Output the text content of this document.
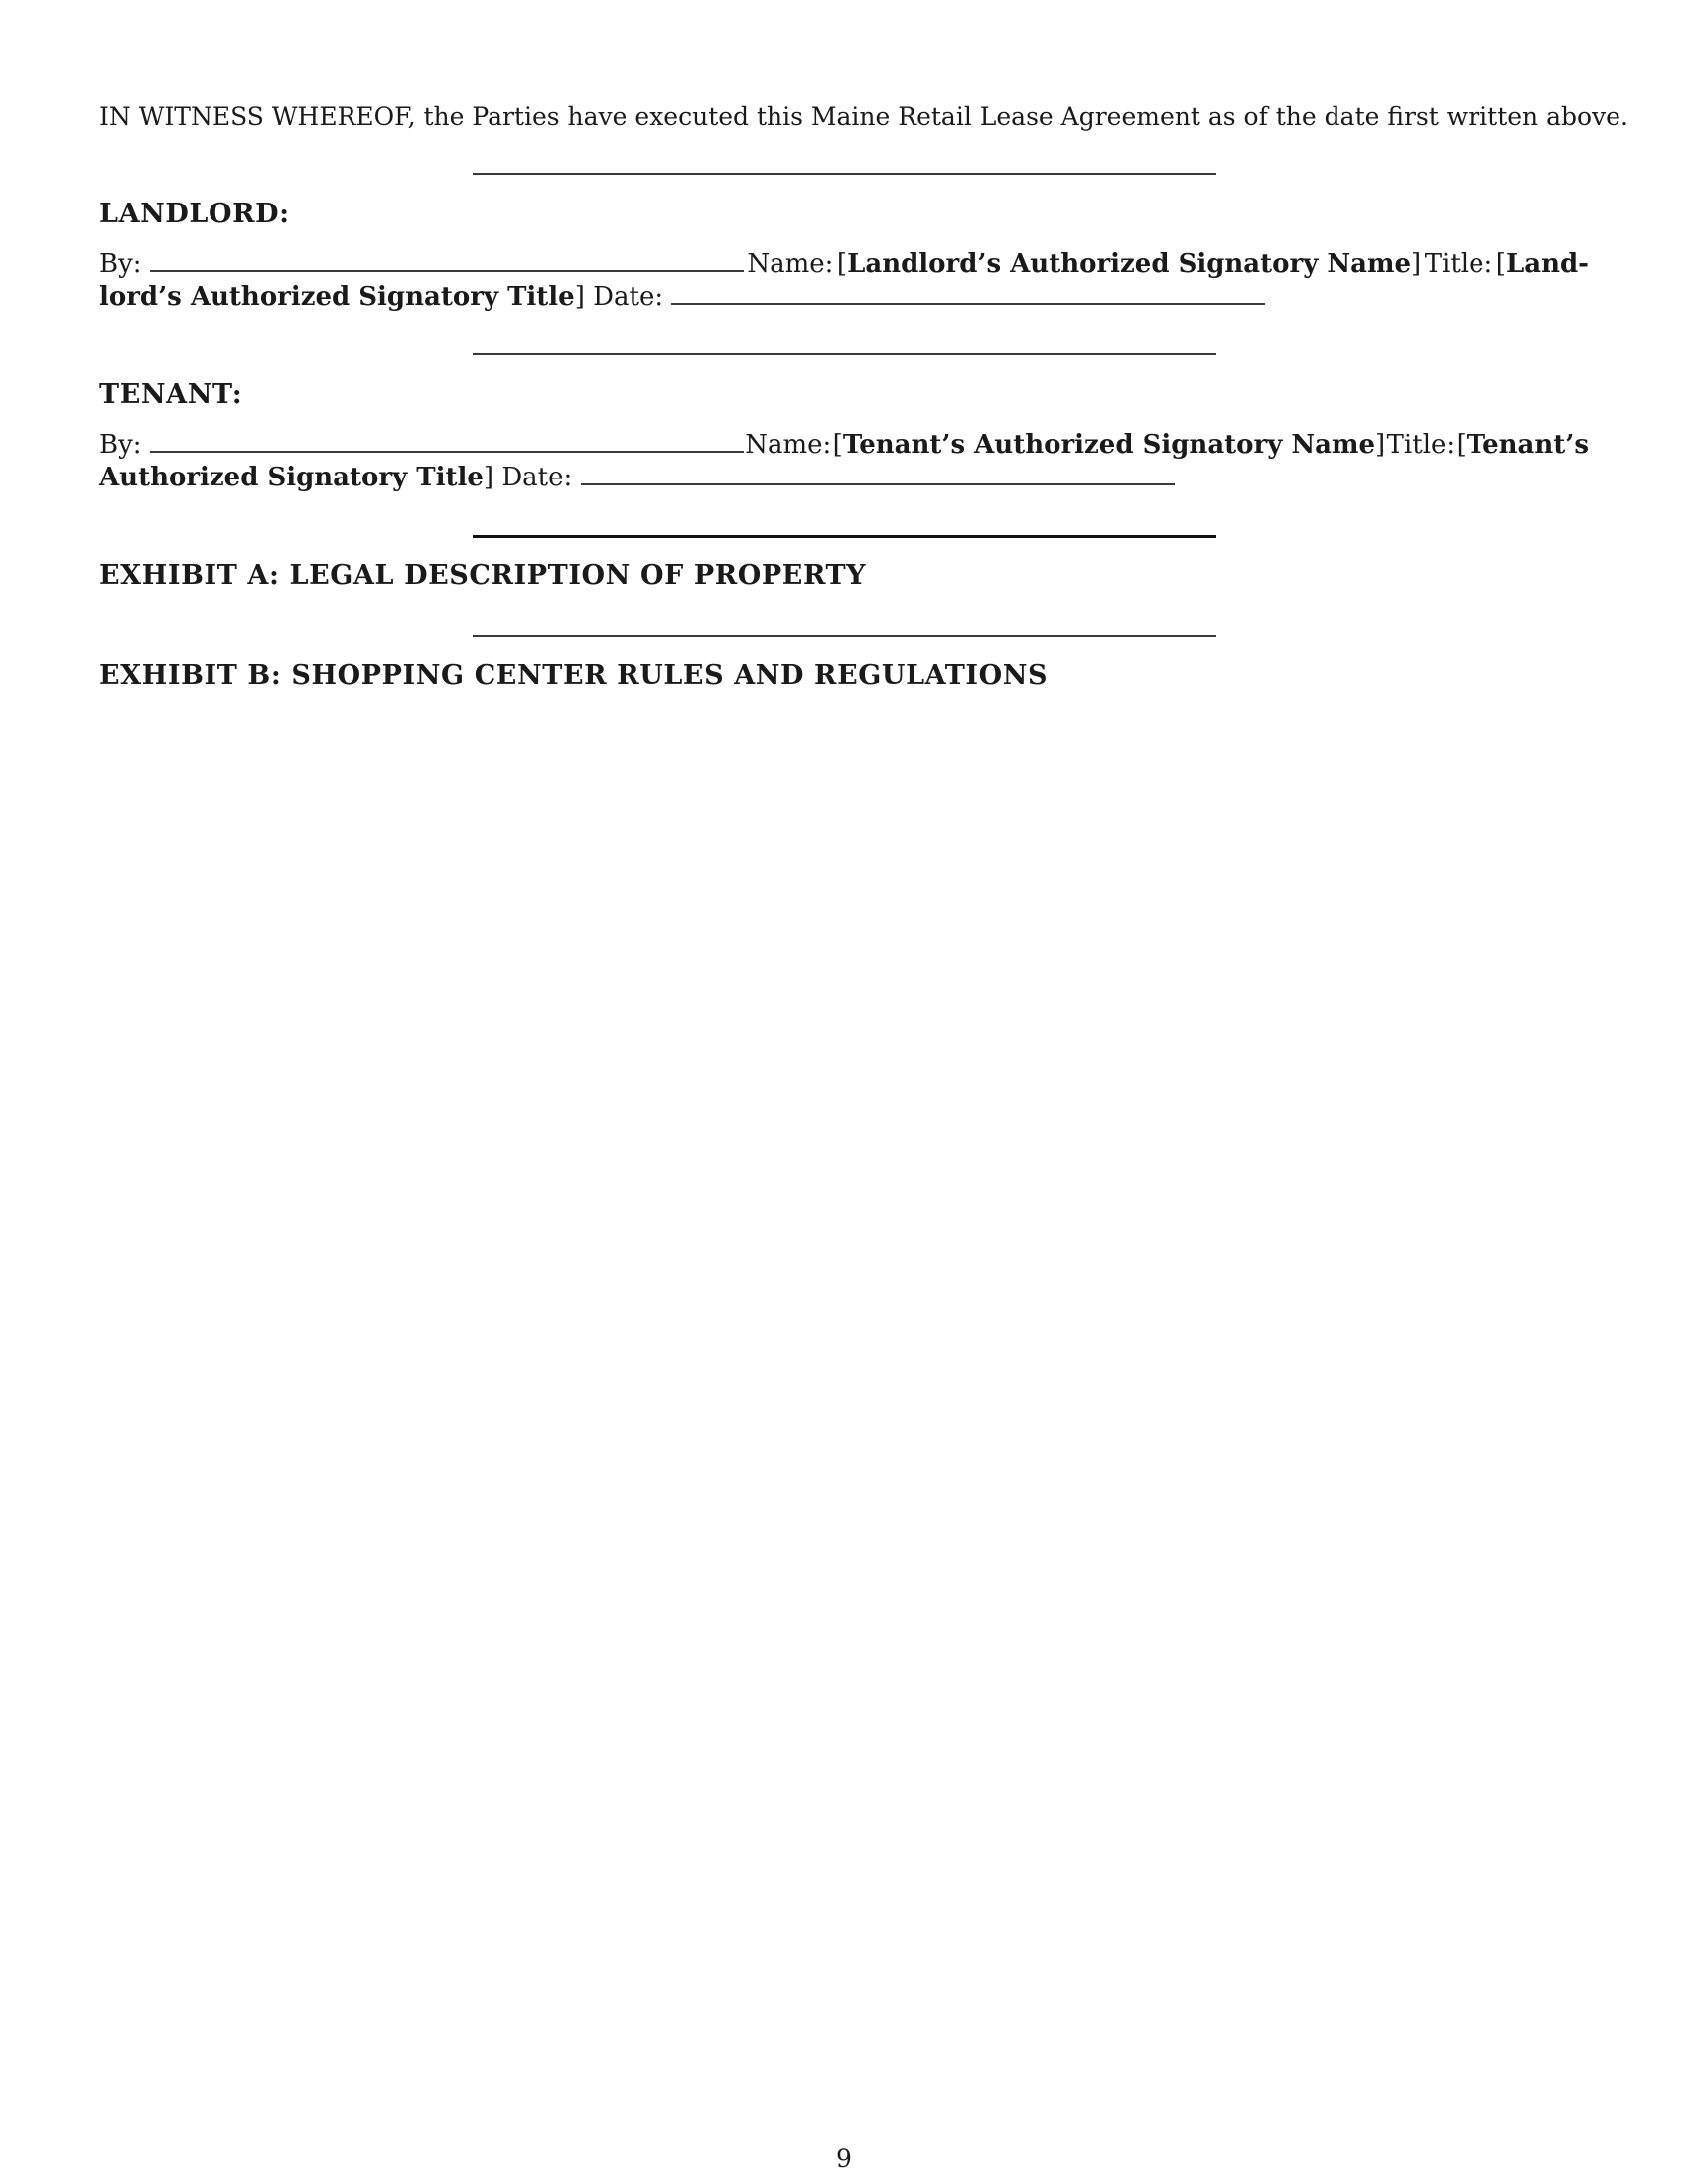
IN WITNESS WHEREOF, the Parties have executed this Maine Retail Lease Agreement as of the date first written above.

LANDLORD:
By:	Name: [Landlord’s Authorized Signatory Name] Title: [Land-
lord’s Authorized Signatory Title] Date:
TENANT:
By:	Name: [Tenant’s Authorized Signatory Name] Title: [Tenant’s
Authorized Signatory Title] Date:
EXHIBIT A: LEGAL DESCRIPTION OF PROPERTY
EXHIBIT B: SHOPPING CENTER RULES AND REGULATIONS
9
